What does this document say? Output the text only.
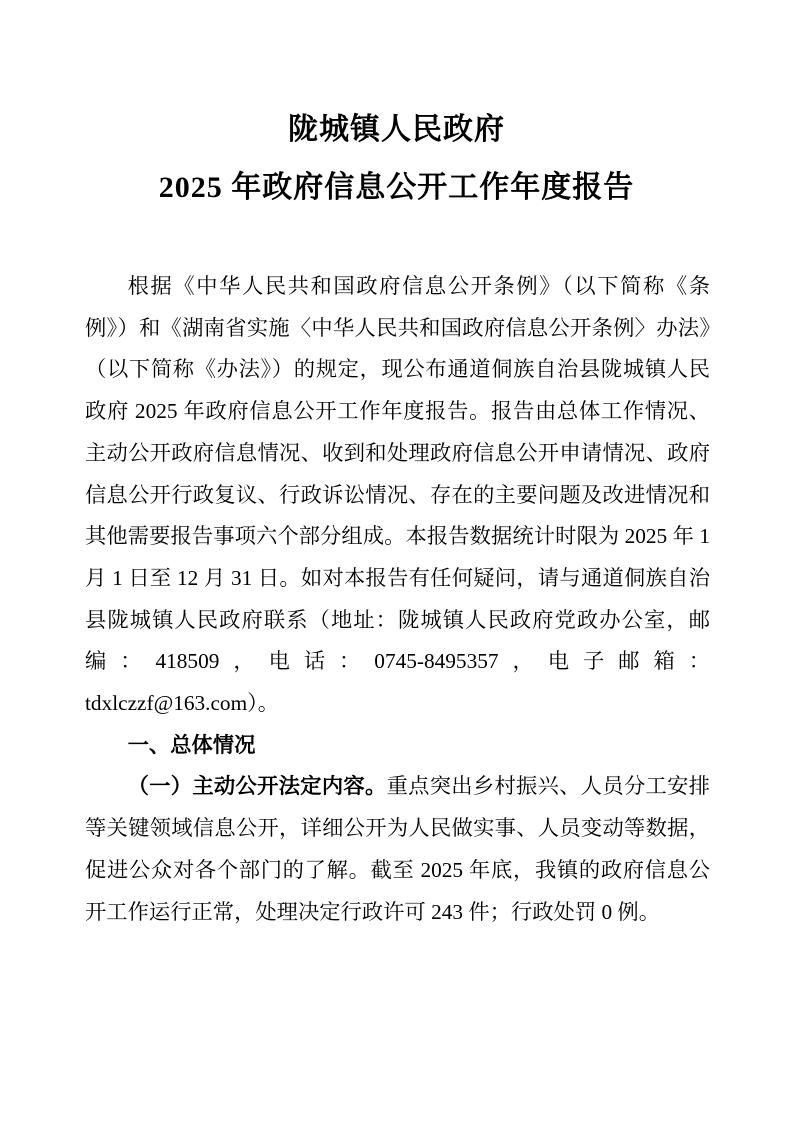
陇城镇人民政府
2025 年政府信息公开工作年度报告

根据《中华人民共和国政府信息公开条例》（以下简称《条例》）和《湖南省实施〈中华人民共和国政府信息公开条例〉办法》（以下简称《办法》）的规定，现公布通道侗族自治县陇城镇人民政府 2025 年政府信息公开工作年度报告。报告由总体工作情况、主动公开政府信息情况、收到和处理政府信息公开申请情况、政府信息公开行政复议、行政诉讼情况、存在的主要问题及改进情况和其他需要报告事项六个部分组成。本报告数据统计时限为 2025 年 1 月 1 日至 12 月 31 日。如对本报告有任何疑问，请与通道侗族自治县陇城镇人民政府联系（地址：陇城镇人民政府党政办公室，邮编：418509，电话：0745-8495357，电子邮箱：tdxlczzf@163.com）。

一、总体情况

（一）主动公开法定内容。重点突出乡村振兴、人员分工安排等关键领域信息公开，详细公开为人民做实事、人员变动等数据，促进公众对各个部门的了解。截至 2025 年底，我镇的政府信息公开工作运行正常，处理决定行政许可 243 件；行政处罚 0 例。
